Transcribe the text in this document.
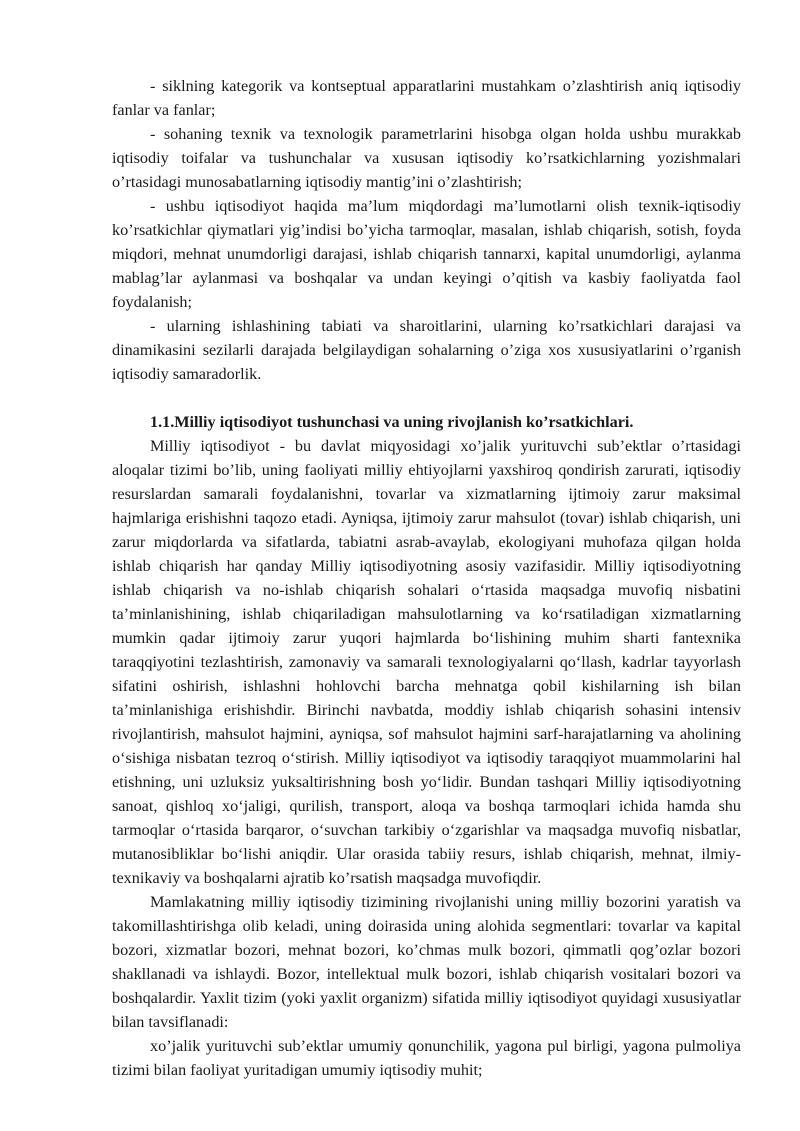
- siklning kategorik va kontseptual apparatlarini mustahkam o’zlashtirish aniq iqtisodiy fanlar va fanlar;

- sohaning texnik va texnologik parametrlarini hisobga olgan holda ushbu murakkab iqtisodiy toifalar va tushunchalar va xususan iqtisodiy ko’rsatkichlarning yozishmalari o’rtasidagi munosabatlarning iqtisodiy mantig’ini o’zlashtirish;

- ushbu iqtisodiyot haqida ma’lum miqdordagi ma’lumotlarni olish texnik-iqtisodiy ko’rsatkichlar qiymatlari yig’indisi bo’yicha tarmoqlar, masalan, ishlab chiqarish, sotish, foyda miqdori, mehnat unumdorligi darajasi, ishlab chiqarish tannarxi, kapital unumdorligi, aylanma mablag’lar aylanmasi va boshqalar va undan keyingi o’qitish va kasbiy faoliyatda faol foydalanish;

- ularning ishlashining tabiati va sharoitlarini, ularning ko’rsatkichlari darajasi va dinamikasini sezilarli darajada belgilaydigan sohalarning o’ziga xos xususiyatlarini o’rganish iqtisodiy samaradorlik.

1.1.Milliy iqtisodiyot tushunchasi va uning rivojlanish ko’rsatkichlari.

Milliy iqtisodiyot - bu davlat miqyosidagi xo’jalik yurituvchi sub’ektlar o’rtasidagi aloqalar tizimi bo’lib, uning faoliyati milliy ehtiyojlarni yaxshiroq qondirish zarurati, iqtisodiy resurslardan samarali foydalanishni, tovarlar va xizmatlarning ijtimoiy zarur maksimal hajmlariga erishishni taqozo etadi. Ayniqsa, ijtimoiy zarur mahsulot (tovar) ishlab chiqarish, uni zarur miqdorlarda va sifatlarda, tabiatni asrab-avaylab, ekologiyani muhofaza qilgan holda ishlab chiqarish har qanday Milliy iqtisodiyotning asosiy vazifasidir. Milliy iqtisodiyotning ishlab chiqarish va no-ishlab chiqarish sohalari o‘rtasida maqsadga muvofiq nisbatini ta’minlanishining, ishlab chiqariladigan mahsulotlarning va ko‘rsatiladigan xizmatlarning mumkin qadar ijtimoiy zarur yuqori hajmlarda bo‘lishining muhim sharti fantexnika taraqqiyotini tezlashtirish, zamonaviy va samarali texnologiyalarni qo‘llash, kadrlar tayyorlash sifatini oshirish, ishlashni hohlovchi barcha mehnatga qobil kishilarning ish bilan ta’minlanishiga erishishdir. Birinchi navbatda, moddiy ishlab chiqarish sohasini intensiv rivojlantirish, mahsulot hajmini, ayniqsa, sof mahsulot hajmini sarf-harajatlarning va aholining o‘sishiga nisbatan tezroq o‘stirish. Milliy iqtisodiyot va iqtisodiy taraqqiyot muammolarini hal etishning, uni uzluksiz yuksaltirishning bosh yo‘lidir. Bundan tashqari Milliy iqtisodiyotning sanoat, qishloq xo‘jaligi, qurilish, transport, aloqa va boshqa tarmoqlari ichida hamda shu tarmoqlar o‘rtasida barqaror, o‘suvchan tarkibiy o‘zgarishlar va maqsadga muvofiq nisbatlar, mutanosibliklar bo‘lishi aniqdir. Ular orasida tabiiy resurs, ishlab chiqarish, mehnat, ilmiy-texnikaviy va boshqalarni ajratib ko’rsatish maqsadga muvofiqdir.

Mamlakatning milliy iqtisodiy tizimining rivojlanishi uning milliy bozorini yaratish va takomillashtirishga olib keladi, uning doirasida uning alohida segmentlari: tovarlar va kapital bozori, xizmatlar bozori, mehnat bozori, ko’chmas mulk bozori, qimmatli qog’ozlar bozori shakllanadi va ishlaydi. Bozor, intellektual mulk bozori, ishlab chiqarish vositalari bozori va boshqalardir. Yaxlit tizim (yoki yaxlit organizm) sifatida milliy iqtisodiyot quyidagi xususiyatlar bilan tavsiflanadi:

xo’jalik yurituvchi sub’ektlar umumiy qonunchilik, yagona pul birligi, yagona pulmoliya tizimi bilan faoliyat yuritadigan umumiy iqtisodiy muhit;
